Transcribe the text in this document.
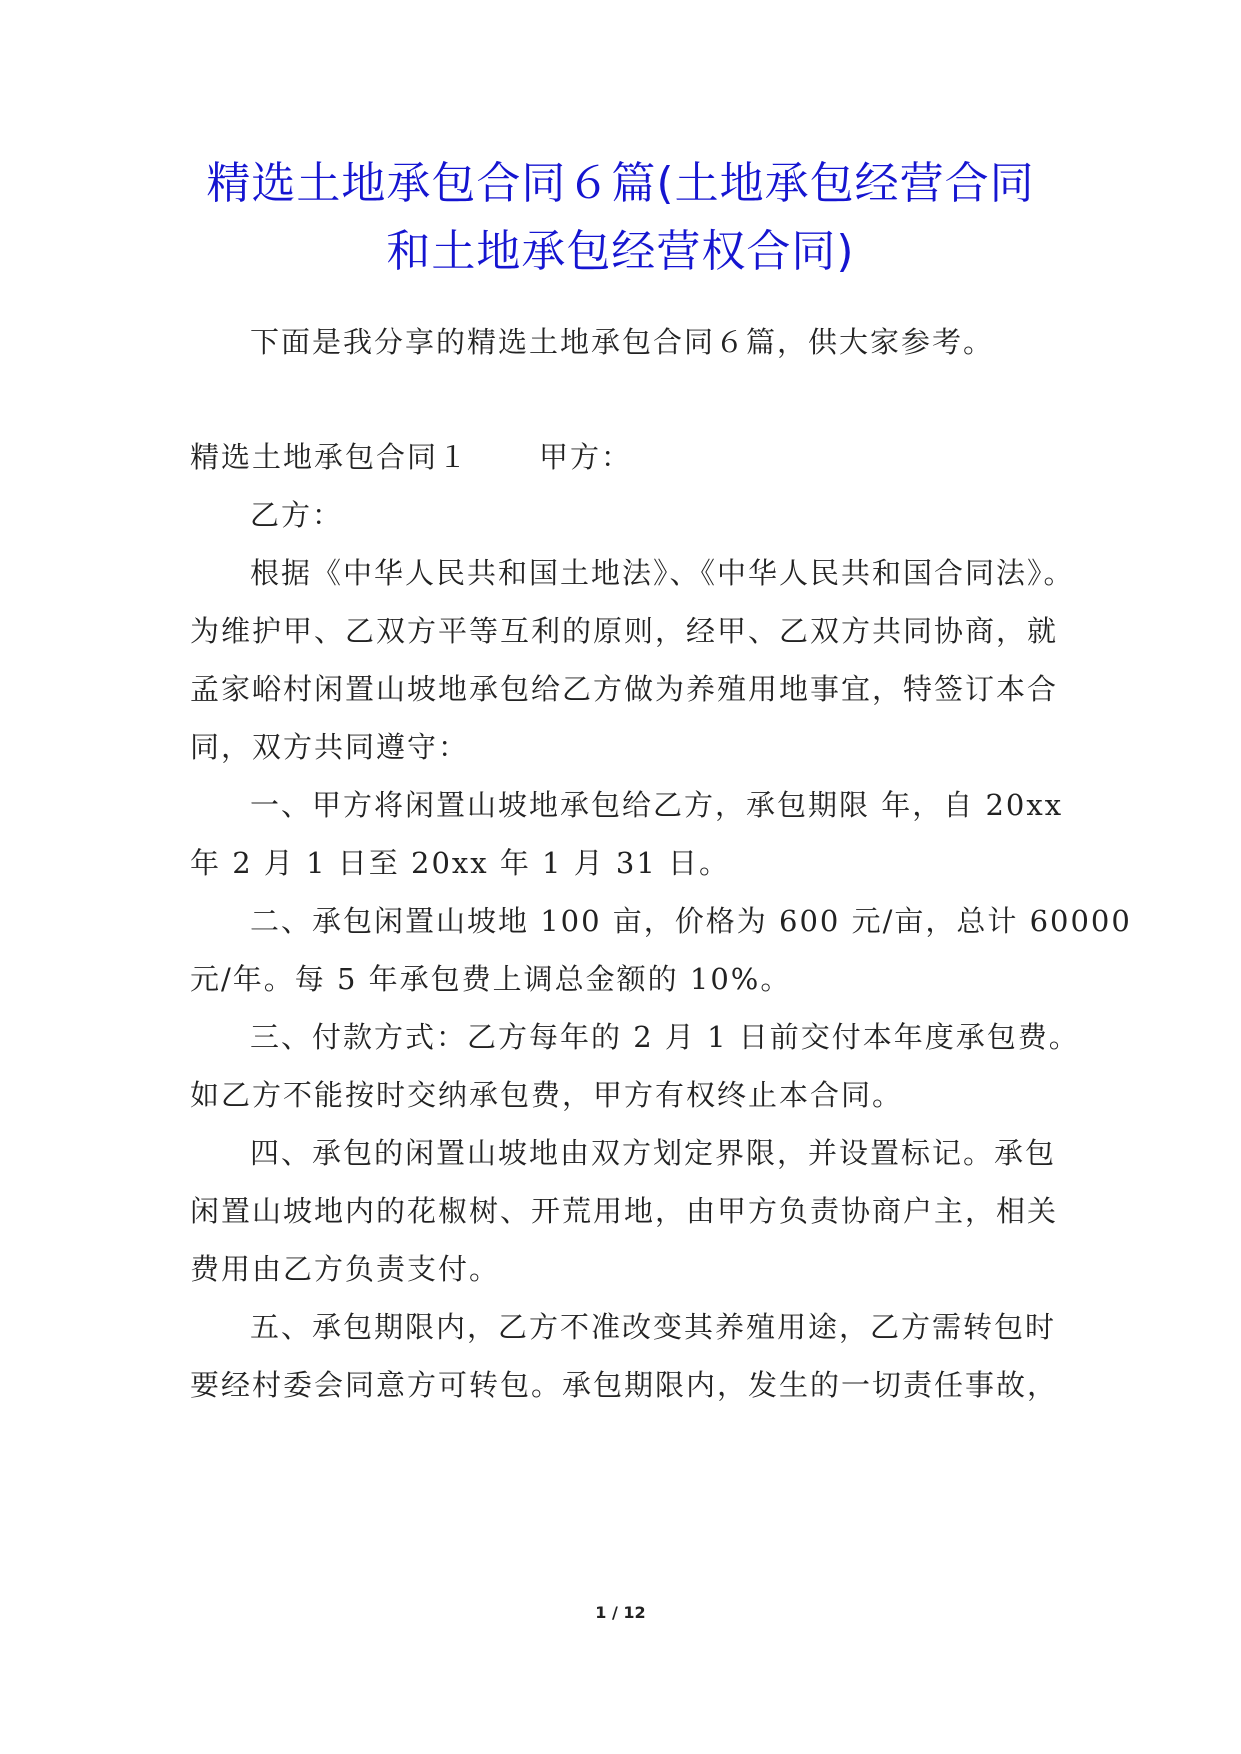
精选土地承包合同６篇(土地承包经营合同
和土地承包经营权合同)
下面是我分享的精选土地承包合同６篇，供大家参考。
精选土地承包合同１ 甲方：
乙方：
根据《中华人民共和国土地法》、《中华人民共和国合同法》。
为维护甲、乙双方平等互利的原则，经甲、乙双方共同协商，就
孟家峪村闲置山坡地承包给乙方做为养殖用地事宜，特签订本合
同，双方共同遵守：
一、甲方将闲置山坡地承包给乙方，承包期限 年，自 20xx
年 2 月 1 日至 20xx 年 1 月 31 日。
二、承包闲置山坡地 100 亩，价格为 600 元/亩，总计 60000
元/年。每 5 年承包费上调总金额的 10%。
三、付款方式：乙方每年的 2 月 1 日前交付本年度承包费。
如乙方不能按时交纳承包费，甲方有权终止本合同。
四、承包的闲置山坡地由双方划定界限，并设置标记。承包
闲置山坡地内的花椒树、开荒用地，由甲方负责协商户主，相关
费用由乙方负责支付。
五、承包期限内，乙方不准改变其养殖用途，乙方需转包时
要经村委会同意方可转包。承包期限内，发生的一切责任事故，
1 / 12
